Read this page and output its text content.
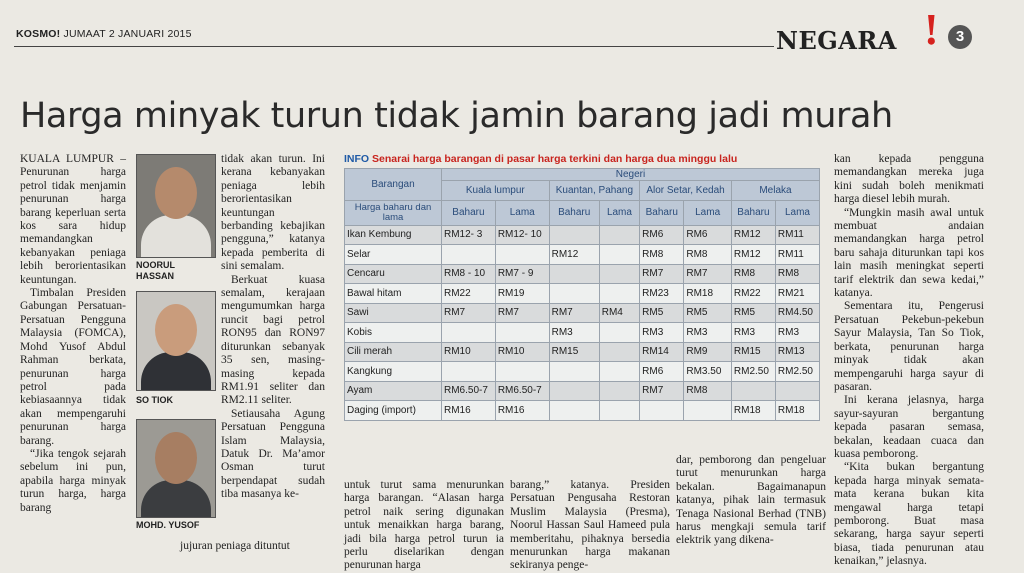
KOSMO! JUMAAT 2 JANUARI 2015	NEGARA !	3
Harga minyak turun tidak jamin barang jadi murah

KUALA LUMPUR – Penurunan harga petrol tidak menjamin penurunan harga barang keperluan serta kos sara hidup memandangkan kebanyakan peniaga lebih berorientasikan keuntungan.

Timbalan Presiden Gabungan Persatuan-Persatuan Pengguna Malaysia (FOMCA), Mohd Yusof Abdul Rahman berkata, penurunan harga petrol pada kebiasaannya tidak akan mempengaruhi penurunan harga barang.

“Jika tengok sejarah sebelum ini pun, apabila harga minyak turun harga, harga barang

NOORUL HASSAN
SO TIOK
MOHD. YUSOF

tidak akan turun. Ini kerana kebanyakan peniaga lebih berorientasikan keuntungan berbanding kebajikan pengguna,” katanya kepada pemberita di sini semalam.

Berkuat kuasa semalam, kerajaan mengumumkan harga runcit bagi petrol RON95 dan RON97 diturunkan sebanyak 35 sen, masing-masing kepada RM1.91 seliter dan RM2.11 seliter.

Setiausaha Agung Persatuan Pengguna Islam Malaysia, Datuk Dr. Ma’amor Osman turut berpendapat sudah tiba masanya ke-

jujuran peniaga dituntut
INFO Senarai harga barangan di pasar harga terkini dan harga dua minggu lalu
Barangan	Negeri							
	Kuala lumpur		Kuantan, Pahang		Alor Setar, Kedah		Melaka	
Harga baharu dan lama	Baharu	Lama	Baharu	Lama	Baharu	Lama	Baharu	Lama
Ikan Kembung	RM12- 3	RM12- 10			RM6	RM6	RM12	RM11
Selar			RM12		RM8	RM8	RM12	RM11
Cencaru	RM8 - 10	RM7 - 9			RM7	RM7	RM8	RM8
Bawal hitam	RM22	RM19			RM23	RM18	RM22	RM21
Sawi	RM7	RM7	RM7	RM4	RM5	RM5	RM5	RM4.50
Kobis			RM3		RM3	RM3	RM3	RM3
Cili merah	RM10	RM10	RM15		RM14	RM9	RM15	RM13
Kangkung					RM6	RM3.50	RM2.50	RM2.50
Ayam	RM6.50-7	RM6.50-7			RM7	RM8		
Daging (import)	RM16	RM16					RM18	RM18
untuk turut sama menurunkan harga barangan. “Alasan harga petrol naik sering digunakan untuk menaikkan harga barang, jadi bila harga petrol turun ia perlu diselarikan dengan penurunan harga
barang,” katanya. Presiden Persatuan Pengusaha Restoran Muslim Malaysia (Presma), Noorul Hassan Saul Hameed pula memberitahu, pihaknya bersedia menurunkan harga makanan sekiranya penge-
dar, pemborong dan pengeluar turut menurunkan harga bekalan. Bagaimanapun katanya, pihak lain termasuk Tenaga Nasional Berhad (TNB) harus mengkaji semula tarif elektrik yang dikena-

kan kepada pengguna memandangkan mereka juga kini sudah boleh menikmati harga diesel lebih murah.

“Mungkin masih awal untuk membuat andaian memandangkan harga petrol baru sahaja diturunkan tapi kos lain masih meningkat seperti tarif elektrik dan sewa kedai,” katanya.

Sementara itu, Pengerusi Persatuan Pekebun-pekebun Sayur Malaysia, Tan So Tiok, berkata, penurunan harga minyak tidak akan mempengaruhi harga sayur di pasaran.

Ini kerana jelasnya, harga sayur-sayuran bergantung kepada pasaran semasa, bekalan, keadaan cuaca dan kuasa pemborong.

“Kita bukan bergantung kepada harga minyak semata-mata kerana bukan kita mengawal harga tetapi pemborong. Buat masa sekarang, harga sayur seperti biasa, tiada penurunan atau kenaikan,” jelasnya.
